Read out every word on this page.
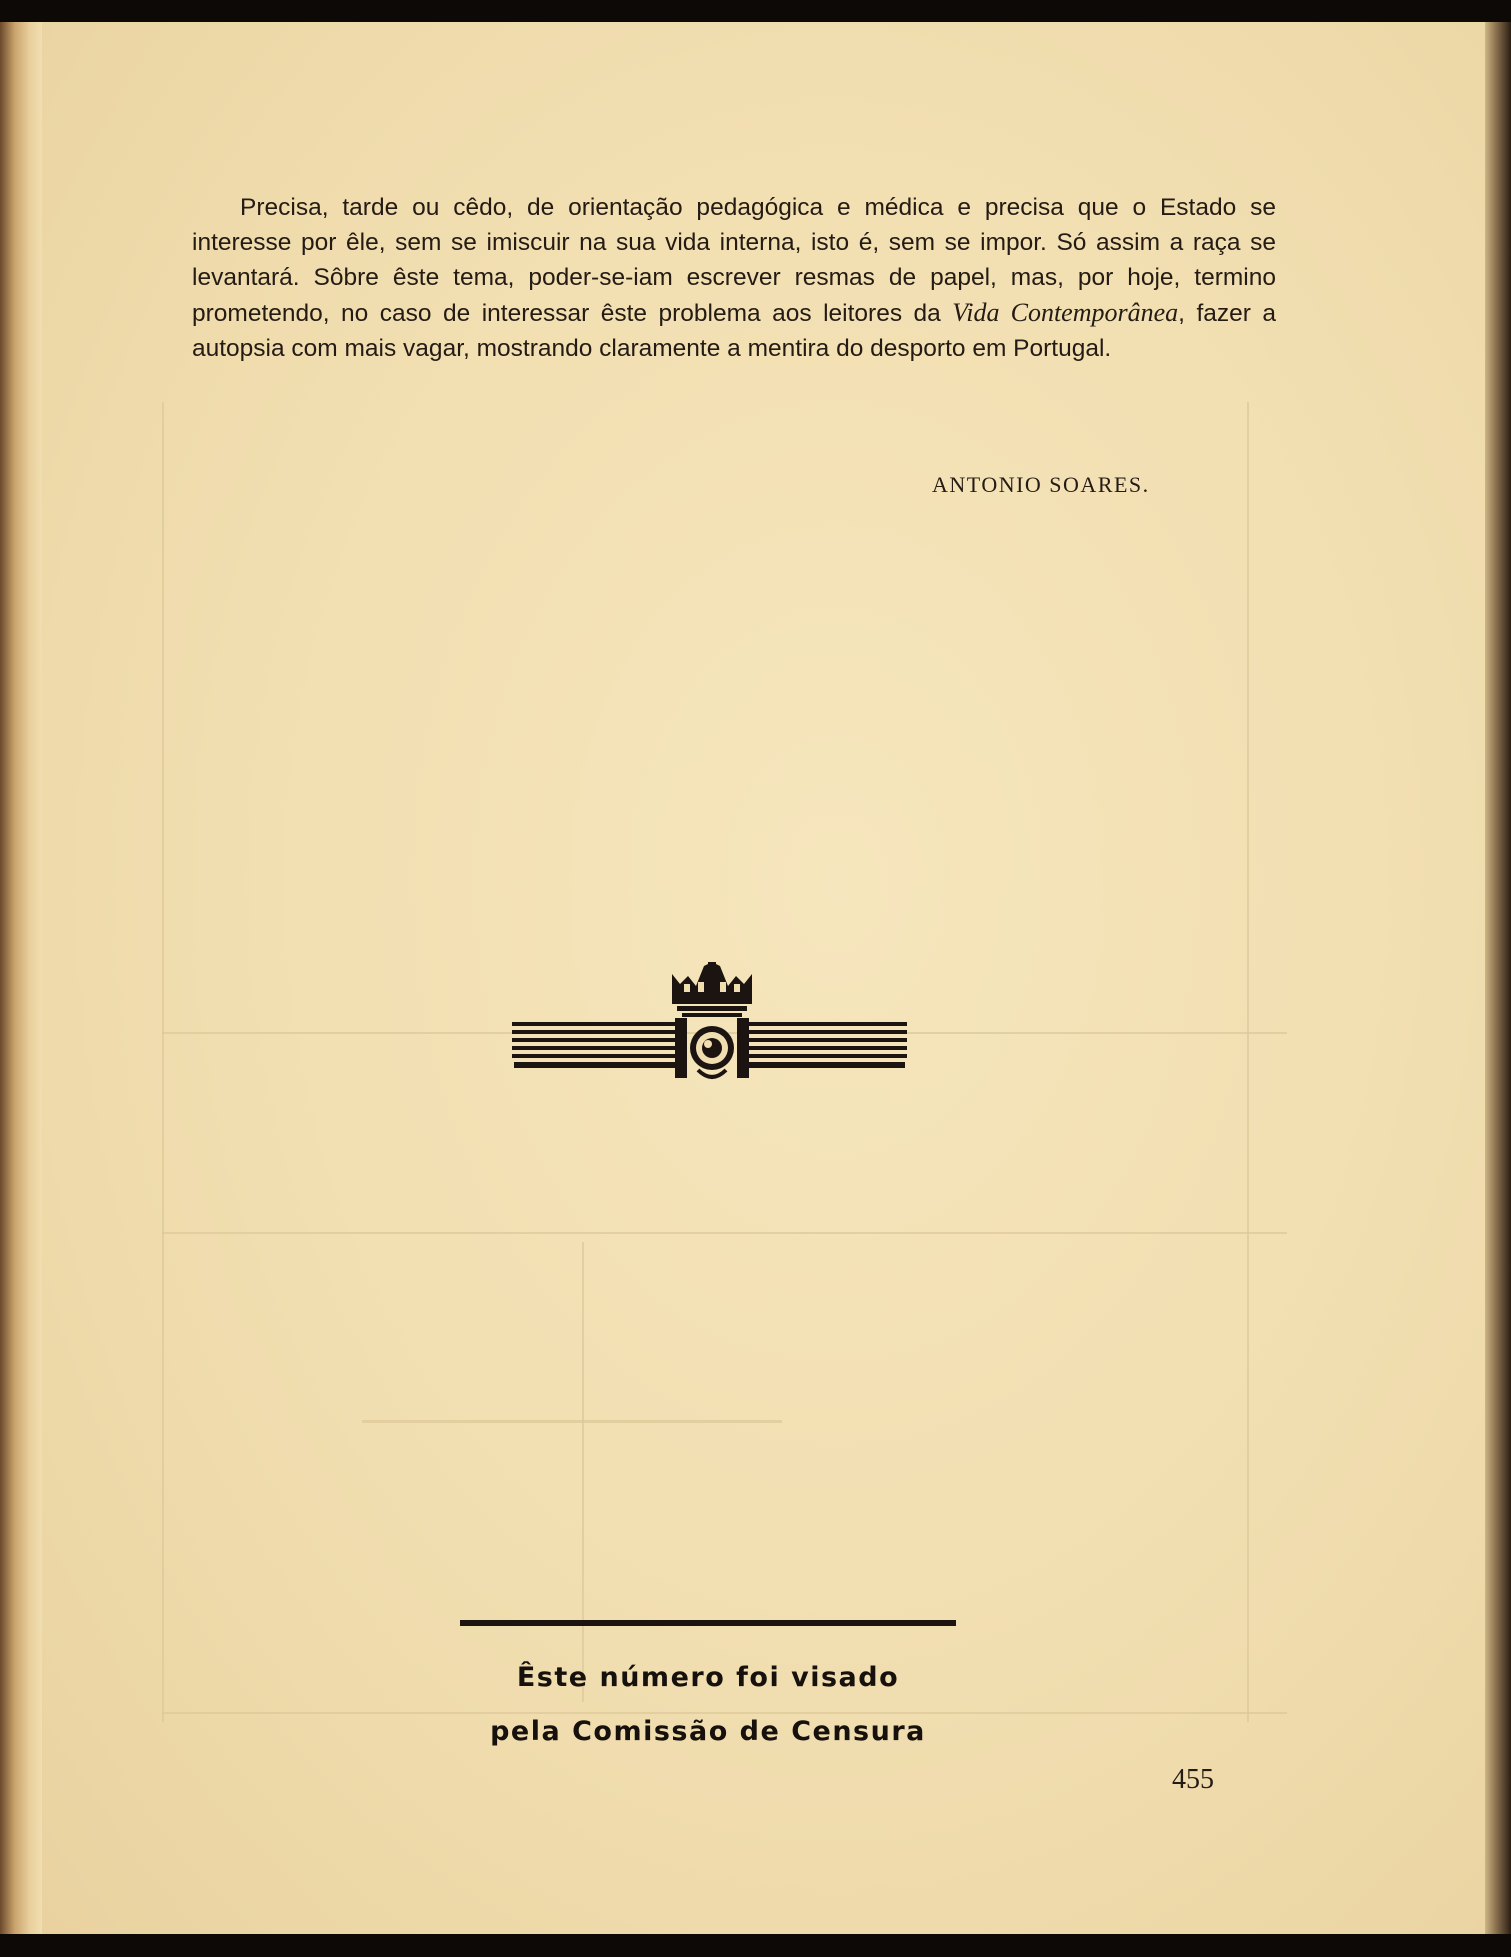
Precisa, tarde ou cêdo, de orientação pedagógica e médica e precisa que o Estado se interesse por êle, sem se imiscuir na sua vida interna, isto é, sem se impor. Só assim a raça se levantará. Sôbre êste tema, poder-se-iam escrever resmas de papel, mas, por hoje, termino prometendo, no caso de interessar êste problema aos leitores da Vida Contemporânea, fazer a autopsia com mais vagar, mostrando claramente a mentira do desporto em Portugal.
ANTONIO SOARES.
Êste número foi visado
pela Comissão de Censura
455
